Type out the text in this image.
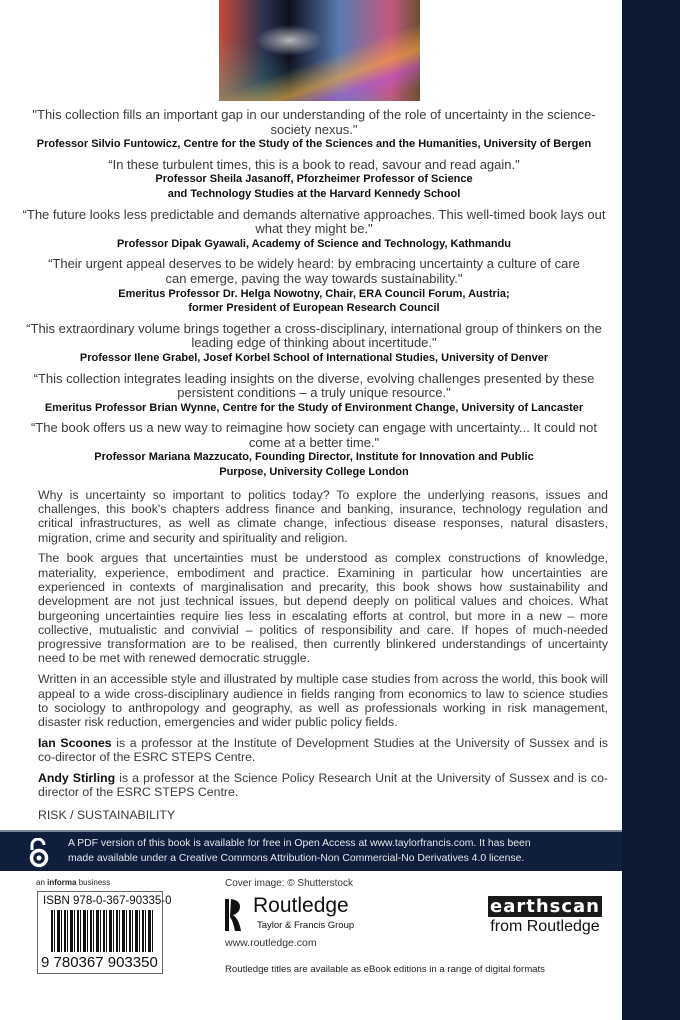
"This collection fills an important gap in our understanding of the role of uncertainty in the science-society nexus."
Professor Silvio Funtowicz, Centre for the Study of the Sciences and the Humanities, University of Bergen
“In these turbulent times, this is a book to read, savour and read again."
Professor Sheila Jasanoff, Pforzheimer Professor of Science and Technology Studies at the Harvard Kennedy School
“The future looks less predictable and demands alternative approaches. This well-timed book lays out what they might be."
Professor Dipak Gyawali, Academy of Science and Technology, Kathmandu
“Their urgent appeal deserves to be widely heard: by embracing uncertainty a culture of care can emerge, paving the way towards sustainability."
Emeritus Professor Dr. Helga Nowotny, Chair, ERA Council Forum, Austria; former President of European Research Council
“This extraordinary volume brings together a cross-disciplinary, international group of thinkers on the leading edge of thinking about incertitude."
Professor Ilene Grabel, Josef Korbel School of International Studies, University of Denver
“This collection integrates leading insights on the diverse, evolving challenges presented by these persistent conditions – a truly unique resource."
Emeritus Professor Brian Wynne, Centre for the Study of Environment Change, University of Lancaster
“The book offers us a new way to reimagine how society can engage with uncertainty... It could not come at a better time."
Professor Mariana Mazzucato, Founding Director, Institute for Innovation and Public Purpose, University College London

Why is uncertainty so important to politics today? To explore the underlying reasons, issues and challenges, this book's chapters address finance and banking, insurance, technology regulation and critical infrastructures, as well as climate change, infectious disease responses, natural disasters, migration, crime and security and spirituality and religion.

The book argues that uncertainties must be understood as complex constructions of knowledge, materiality, experience, embodiment and practice. Examining in particular how uncertainties are experienced in contexts of marginalisation and precarity, this book shows how sustainability and development are not just technical issues, but depend deeply on political values and choices. What burgeoning uncertainties require lies less in escalating efforts at control, but more in a new – more collective, mutualistic and convivial – politics of responsibility and care. If hopes of much-needed progressive transformation are to be realised, then currently blinkered understandings of uncertainty need to be met with renewed democratic struggle.

Written in an accessible style and illustrated by multiple case studies from across the world, this book will appeal to a wide cross-disciplinary audience in fields ranging from economics to law to science studies to sociology to anthropology and geography, as well as professionals working in risk management, disaster risk reduction, emergencies and wider public policy fields.

Ian Scoones is a professor at the Institute of Development Studies at the University of Sussex and is co-director of the ESRC STEPS Centre.

Andy Stirling is a professor at the Science Policy Research Unit at the University of Sussex and is co-director of the ESRC STEPS Centre.

RISK / SUSTAINABILITY

A PDF version of this book is available for free in Open Access at www.taylorfrancis.com. It has been
made available under a Creative Commons Attribution-Non Commercial-No Derivatives 4.0 license.
an informa business
ISBN 978-0-367-90335-0
9 780367 903350
Cover image: © Shutterstock
Routledge
Taylor & Francis Group
www.routledge.com
Routledge titles are available as eBook editions in a range of digital formats
earthscan
from Routledge
